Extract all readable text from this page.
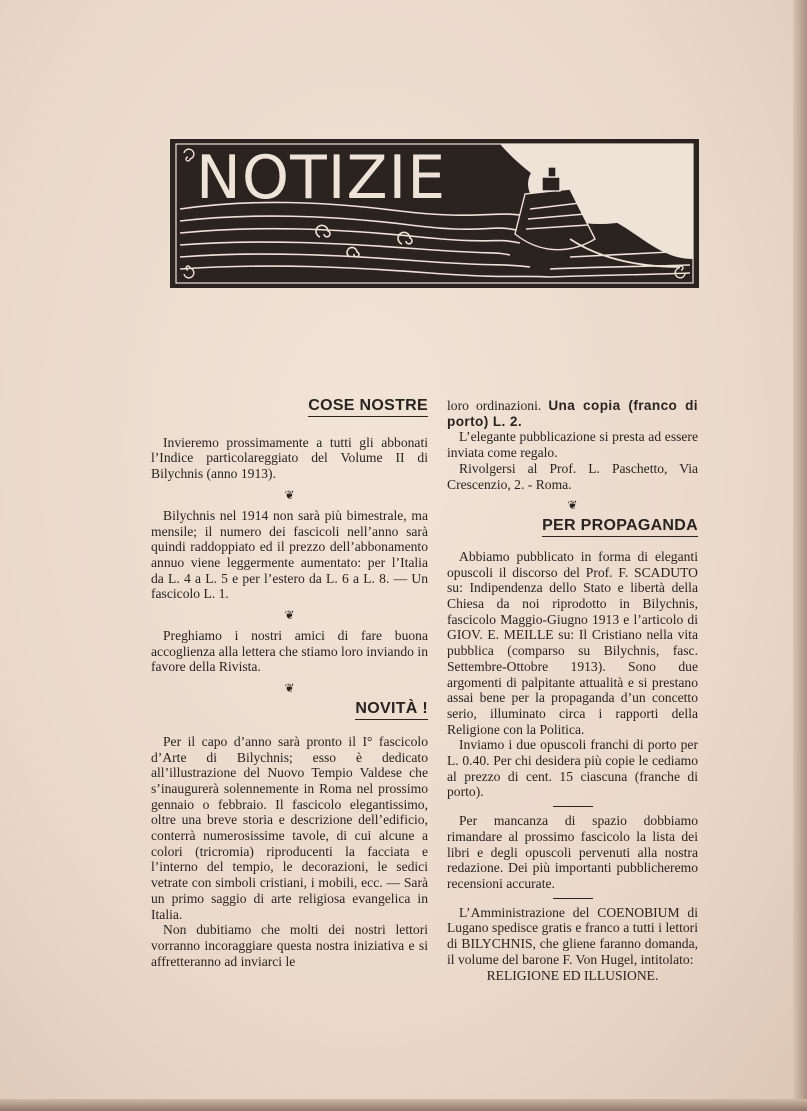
NOTIZIE
COSE NOSTRE

Invieremo prossimamente a tutti gli abbonati l’Indice particolareggiato del Volume II di Bilychnis (anno 1913).

❦

Bilychnis nel 1914 non sarà più bimestrale, ma mensile; il numero dei fascicoli nell’anno sarà quindi raddoppiato ed il prezzo dell’abbonamento annuo viene leggermente aumentato: per l’Italia da L. 4 a L. 5 e per l’estero da L. 6 a L. 8. — Un fascicolo L. 1.

❦

Preghiamo i nostri amici di fare buona accoglienza alla lettera che stiamo loro inviando in favore della Rivista.

❦
NOVITÀ !

Per il capo d’anno sarà pronto il I° fascicolo d’Arte di Bilychnis; esso è dedicato all’illustrazione del Nuovo Tempio Valdese che s’inaugurerà solennemente in Roma nel prossimo gennaio o febbraio. Il fascicolo elegantissimo, oltre una breve storia e descrizione dell’edificio, conterrà numerosissime tavole, di cui alcune a colori (tricromia) riproducenti la facciata e l’interno del tempio, le decorazioni, le sedici vetrate con simboli cristiani, i mobili, ecc. — Sarà un primo saggio di arte religiosa evangelica in Italia.

Non dubitiamo che molti dei nostri lettori vorranno incoraggiare questa nostra iniziativa e si affretteranno ad inviarci le

loro ordinazioni. Una copia (franco di porto) L. 2.

L’elegante pubblicazione si presta ad essere inviata come regalo.

Rivolgersi al Prof. L. Paschetto, Via Crescenzio, 2. - Roma.

❦
PER PROPAGANDA

Abbiamo pubblicato in forma di eleganti opuscoli il discorso del Prof. F. SCADUTO su: Indipendenza dello Stato e libertà della Chiesa da noi riprodotto in Bilychnis, fascicolo Maggio-Giugno 1913 e l’articolo di GIOV. E. MEILLE su: Il Cristiano nella vita pubblica (comparso su Bilychnis, fasc. Settembre-Ottobre 1913). Sono due argomenti di palpitante attualità e si prestano assai bene per la propaganda d’un concetto serio, illuminato circa i rapporti della Religione con la Politica.

Inviamo i due opuscoli franchi di porto per L. 0.40. Per chi desidera più copie le cediamo al prezzo di cent. 15 ciascuna (franche di porto).

Per mancanza di spazio dobbiamo rimandare al prossimo fascicolo la lista dei libri e degli opuscoli pervenuti alla nostra redazione. Dei più importanti pubblicheremo recensioni accurate.

L’Amministrazione del COENOBIUM di Lugano spedisce gratis e franco a tutti i lettori di BILYCHNIS, che gliene faranno domanda, il volume del barone F. Von Hugel, intitolato:

RELIGIONE ED ILLUSIONE.
